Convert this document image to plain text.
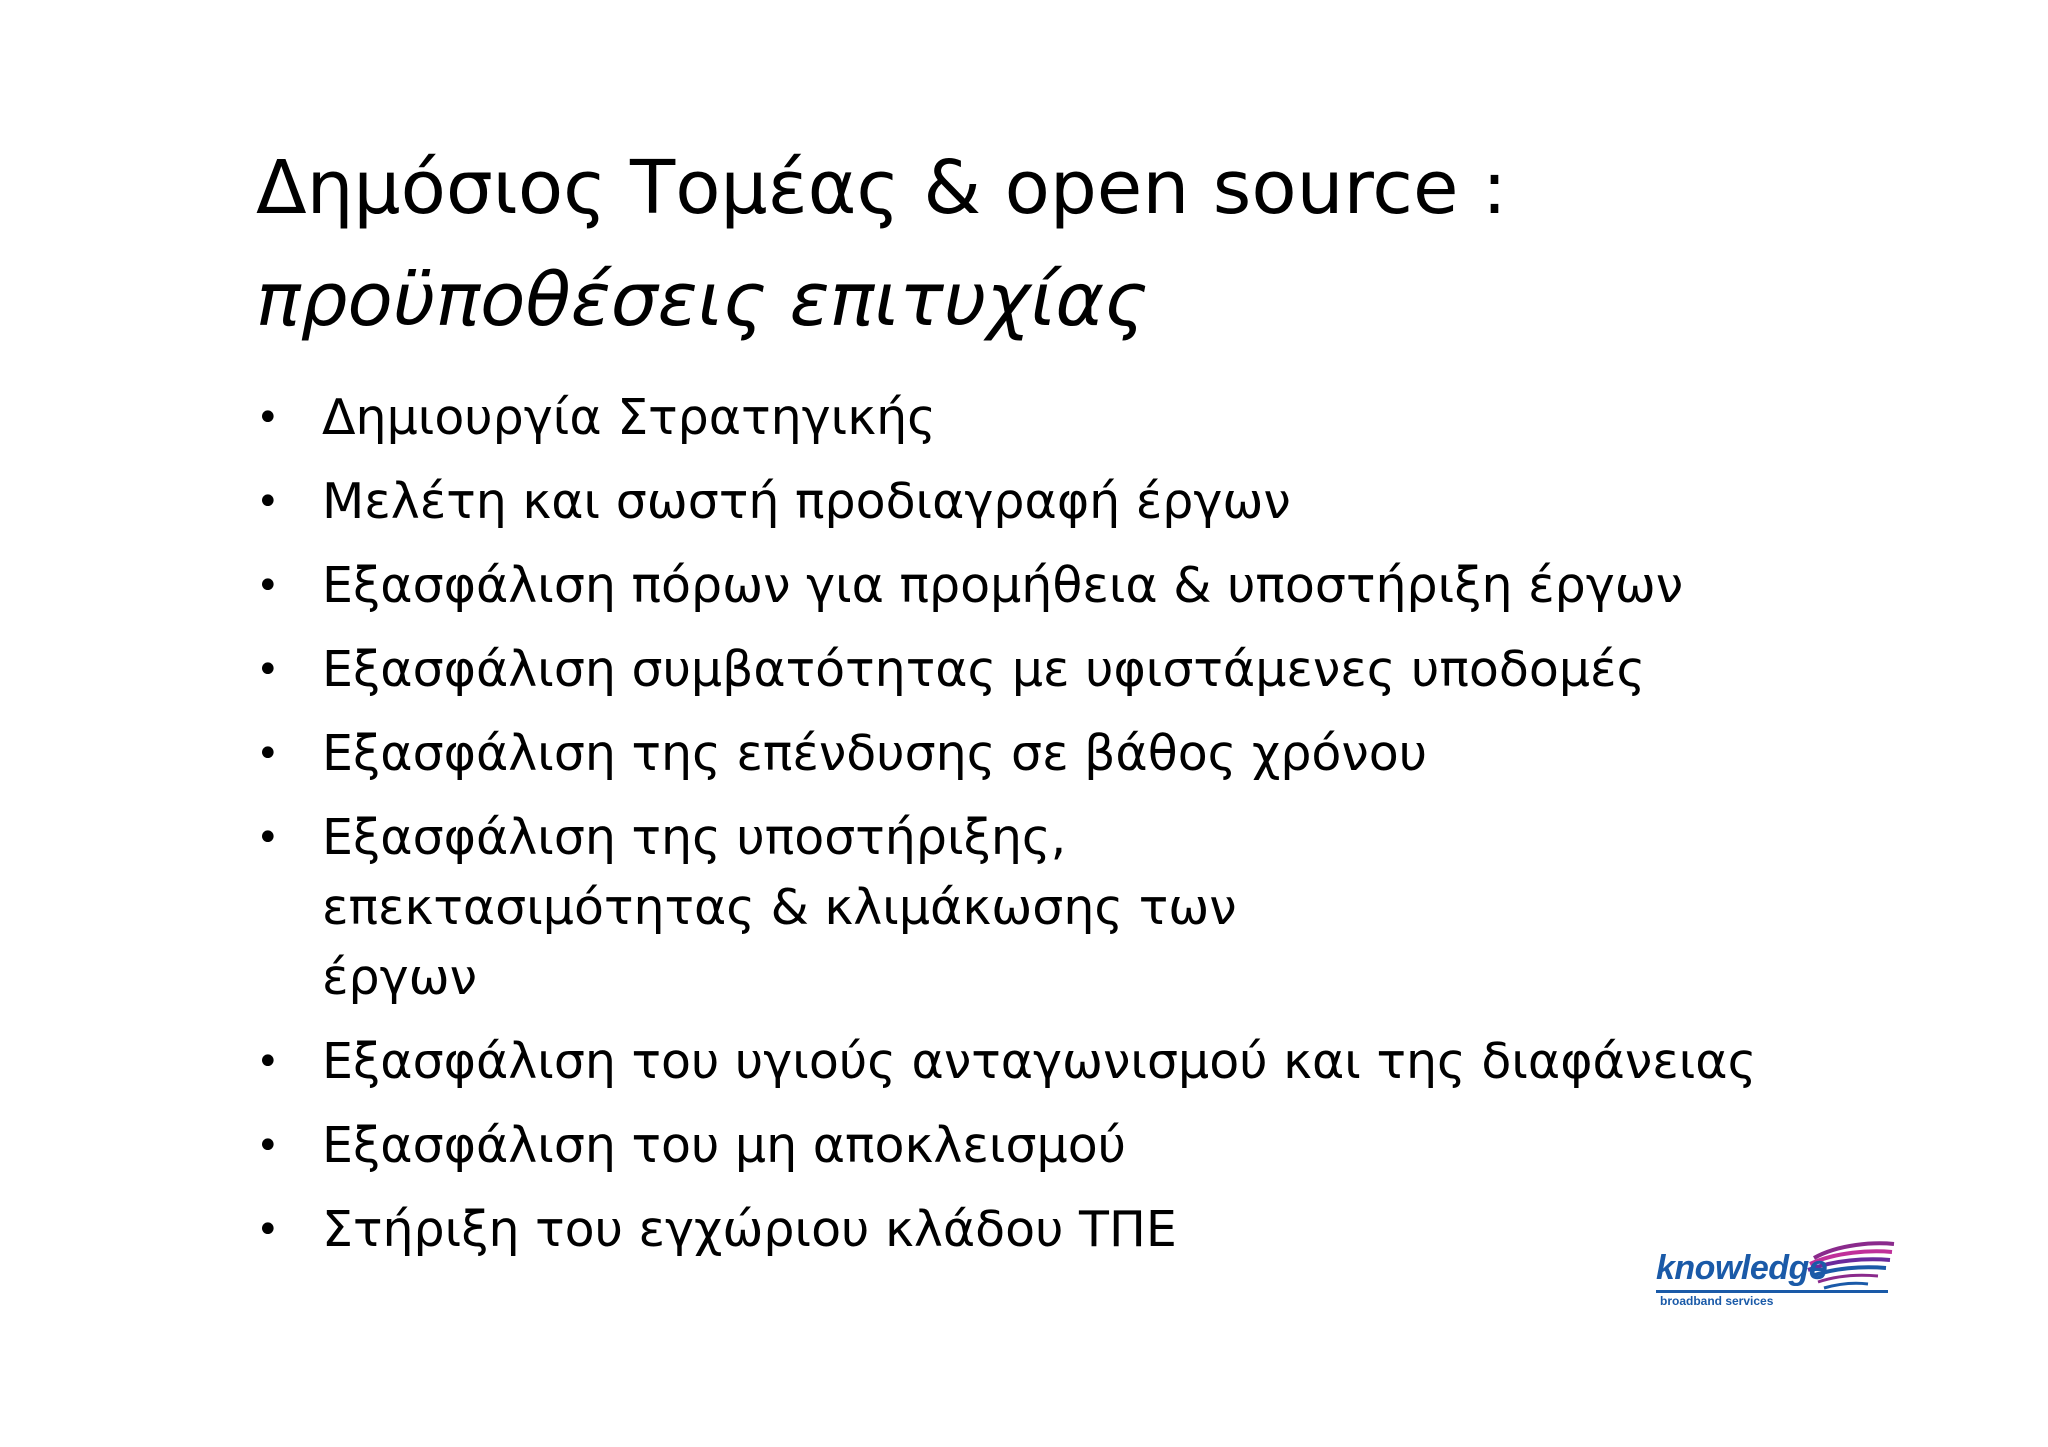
Δημόσιος Τομέας & open source :
προϋποθέσεις επιτυχίας
• Δημιουργία Στρατηγικής
• Μελέτη και σωστή προδιαγραφή έργων
• Εξασφάλιση πόρων για προμήθεια & υποστήριξη έργων
• Εξασφάλιση συμβατότητας με υφιστάμενες υποδομές
• Εξασφάλιση της επένδυσης σε βάθος χρόνου
• Εξασφάλιση της υποστήριξης, επεκτασιμότητας & κλιμάκωσης των έργων
• Εξασφάλιση του υγιούς ανταγωνισμού και της διαφάνειας
• Εξασφάλιση του μη αποκλεισμού
• Στήριξη του εγχώριου κλάδου ΤΠΕ
knowledge
broadband services
